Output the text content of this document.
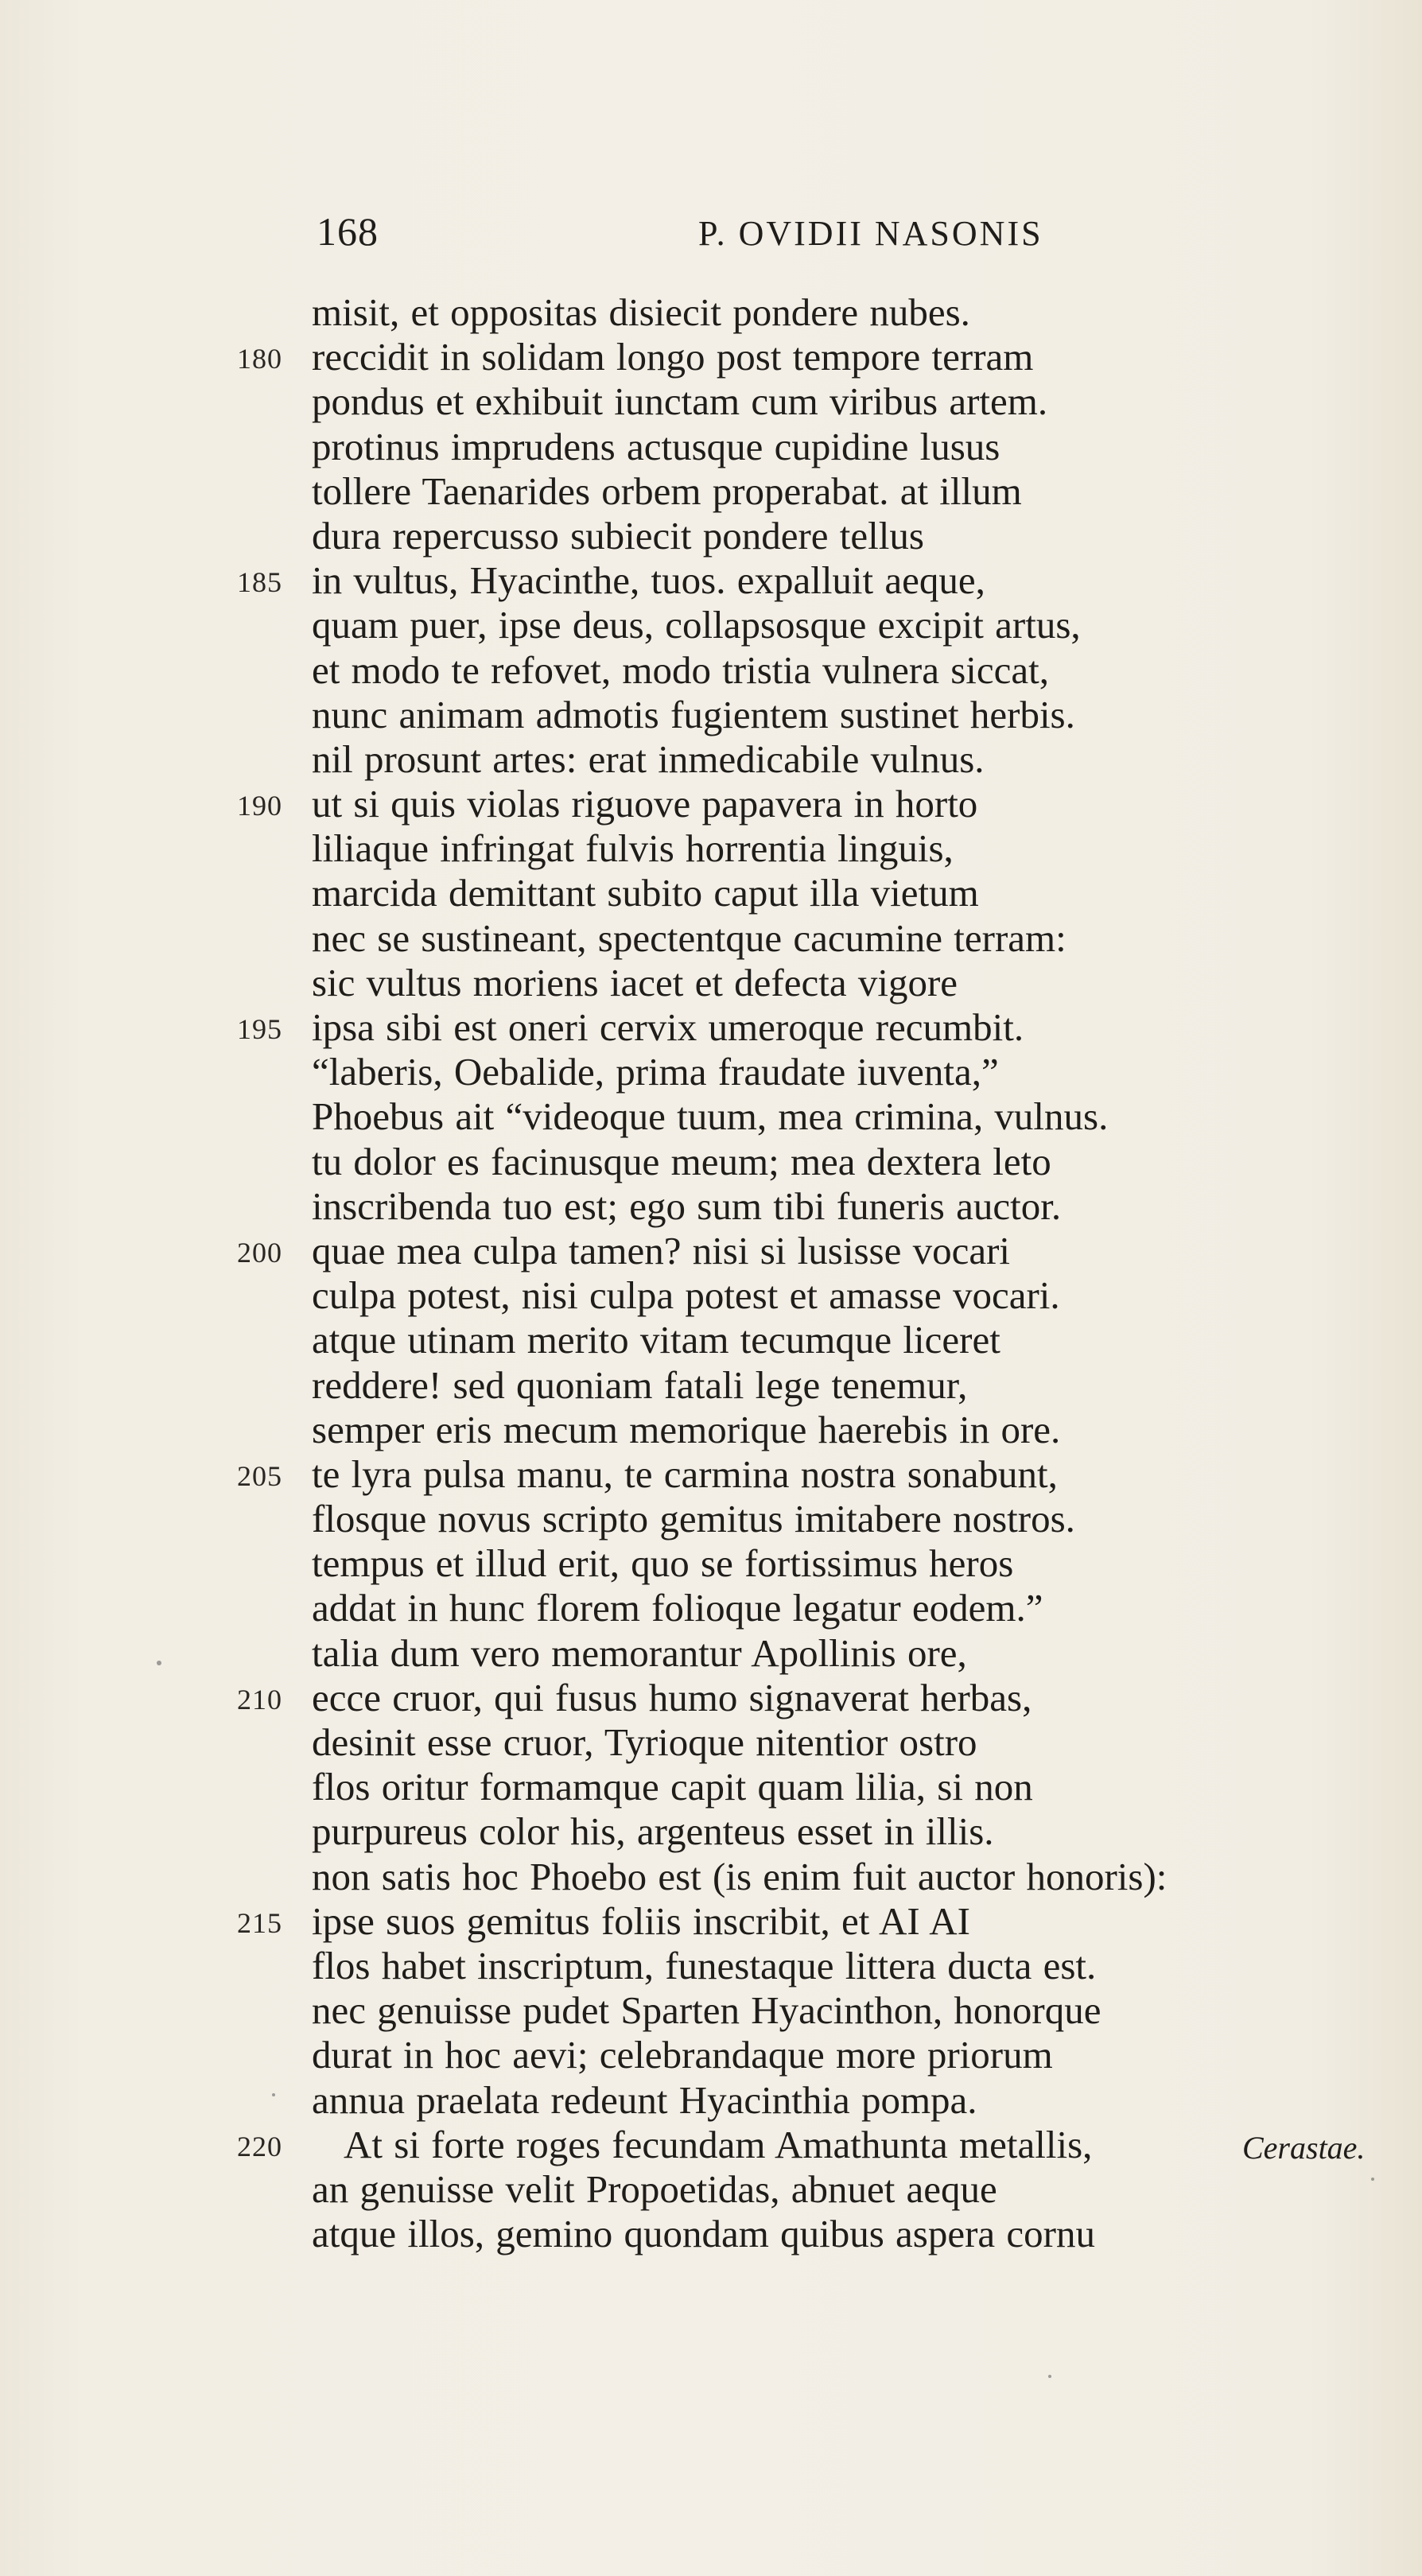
168	P. OVIDII NASONIS
misit, et oppositas disiecit pondere nubes.
180 reccidit in solidam longo post tempore terram
pondus et exhibuit iunctam cum viribus artem.
protinus imprudens actusque cupidine lusus
tollere Taenarides orbem properabat. at illum
dura repercusso subiecit pondere tellus
185 in vultus, Hyacinthe, tuos. expalluit aeque,
quam puer, ipse deus, collapsosque excipit artus,
et modo te refovet, modo tristia vulnera siccat,
nunc animam admotis fugientem sustinet herbis.
nil prosunt artes: erat inmedicabile vulnus.
190 ut si quis violas riguove papavera in horto
liliaque infringat fulvis horrentia linguis,
marcida demittant subito caput illa vietum
nec se sustineant, spectentque cacumine terram:
sic vultus moriens iacet et defecta vigore
195 ipsa sibi est oneri cervix umeroque recumbit.
“laberis, Oebalide, prima fraudate iuventa,”
Phoebus ait “videoque tuum, mea crimina, vulnus.
tu dolor es facinusque meum; mea dextera leto
inscribenda tuo est; ego sum tibi funeris auctor.
200 quae mea culpa tamen? nisi si lusisse vocari
culpa potest, nisi culpa potest et amasse vocari.
atque utinam merito vitam tecumque liceret
reddere! sed quoniam fatali lege tenemur,
semper eris mecum memorique haerebis in ore.
205 te lyra pulsa manu, te carmina nostra sonabunt,
flosque novus scripto gemitus imitabere nostros.
tempus et illud erit, quo se fortissimus heros
addat in hunc florem folioque legatur eodem.”
talia dum vero memorantur Apollinis ore,
210 ecce cruor, qui fusus humo signaverat herbas,
desinit esse cruor, Tyrioque nitentior ostro
flos oritur formamque capit quam lilia, si non
purpureus color his, argenteus esset in illis.
non satis hoc Phoebo est (is enim fuit auctor honoris):
215 ipse suos gemitus foliis inscribit, et AI AI
flos habet inscriptum, funestaque littera ducta est.
nec genuisse pudet Sparten Hyacinthon, honorque
durat in hoc aevi; celebrandaque more priorum
annua praelata redeunt Hyacinthia pompa.
220 At si forte roges fecundam Amathunta metallis,	Cerastae.
an genuisse velit Propoetidas, abnuet aeque
atque illos, gemino quondam quibus aspera cornu
